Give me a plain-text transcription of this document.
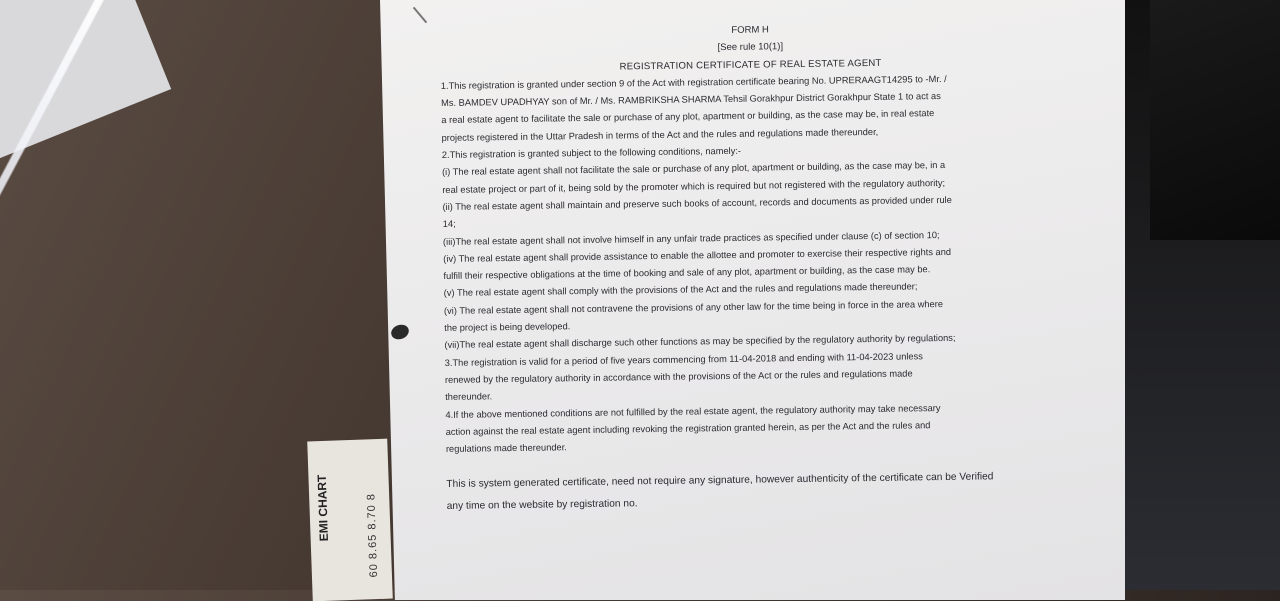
EMI CHART	60 8.65 8.70 8

FORM H

[See rule 10(1)]

REGISTRATION CERTIFICATE OF REAL ESTATE AGENT

1.This registration is granted under section 9 of the Act with registration certificate bearing No. UPRERAAGT14295 to -Mr. /

Ms. BAMDEV UPADHYAY son of Mr. / Ms. RAMBRIKSHA SHARMA Tehsil Gorakhpur District Gorakhpur State 1 to act as

a real estate agent to facilitate the sale or purchase of any plot, apartment or building, as the case may be, in real estate

projects registered in the Uttar Pradesh in terms of the Act and the rules and regulations made thereunder,

2.This registration is granted subject to the following conditions, namely:-

(i) The real estate agent shall not facilitate the sale or purchase of any plot, apartment or building, as the case may be, in a

real estate project or part of it, being sold by the promoter which is required but not registered with the regulatory authority;

(ii) The real estate agent shall maintain and preserve such books of account, records and documents as provided under rule

14;

(iii)The real estate agent shall not involve himself in any unfair trade practices as specified under clause (c) of section 10;

(iv) The real estate agent shall provide assistance to enable the allottee and promoter to exercise their respective rights and

fulfill their respective obligations at the time of booking and sale of any plot, apartment or building, as the case may be.

(v) The real estate agent shall comply with the provisions of the Act and the rules and regulations made thereunder;

(vi) The real estate agent shall not contravene the provisions of any other law for the time being in force in the area where

the project is being developed.

(vii)The real estate agent shall discharge such other functions as may be specified by the regulatory authority by regulations;

3.The registration is valid for a period of five years commencing from 11-04-2018 and ending with 11-04-2023 unless

renewed by the regulatory authority in accordance with the provisions of the Act or the rules and regulations made

thereunder.

4.If the above mentioned conditions are not fulfilled by the real estate agent, the regulatory authority may take necessary

action against the real estate agent including revoking the registration granted herein, as per the Act and the rules and

regulations made thereunder.

This is system generated certificate, need not require any signature, however authenticity of the certificate can be Verified

any time on the website by registration no.
